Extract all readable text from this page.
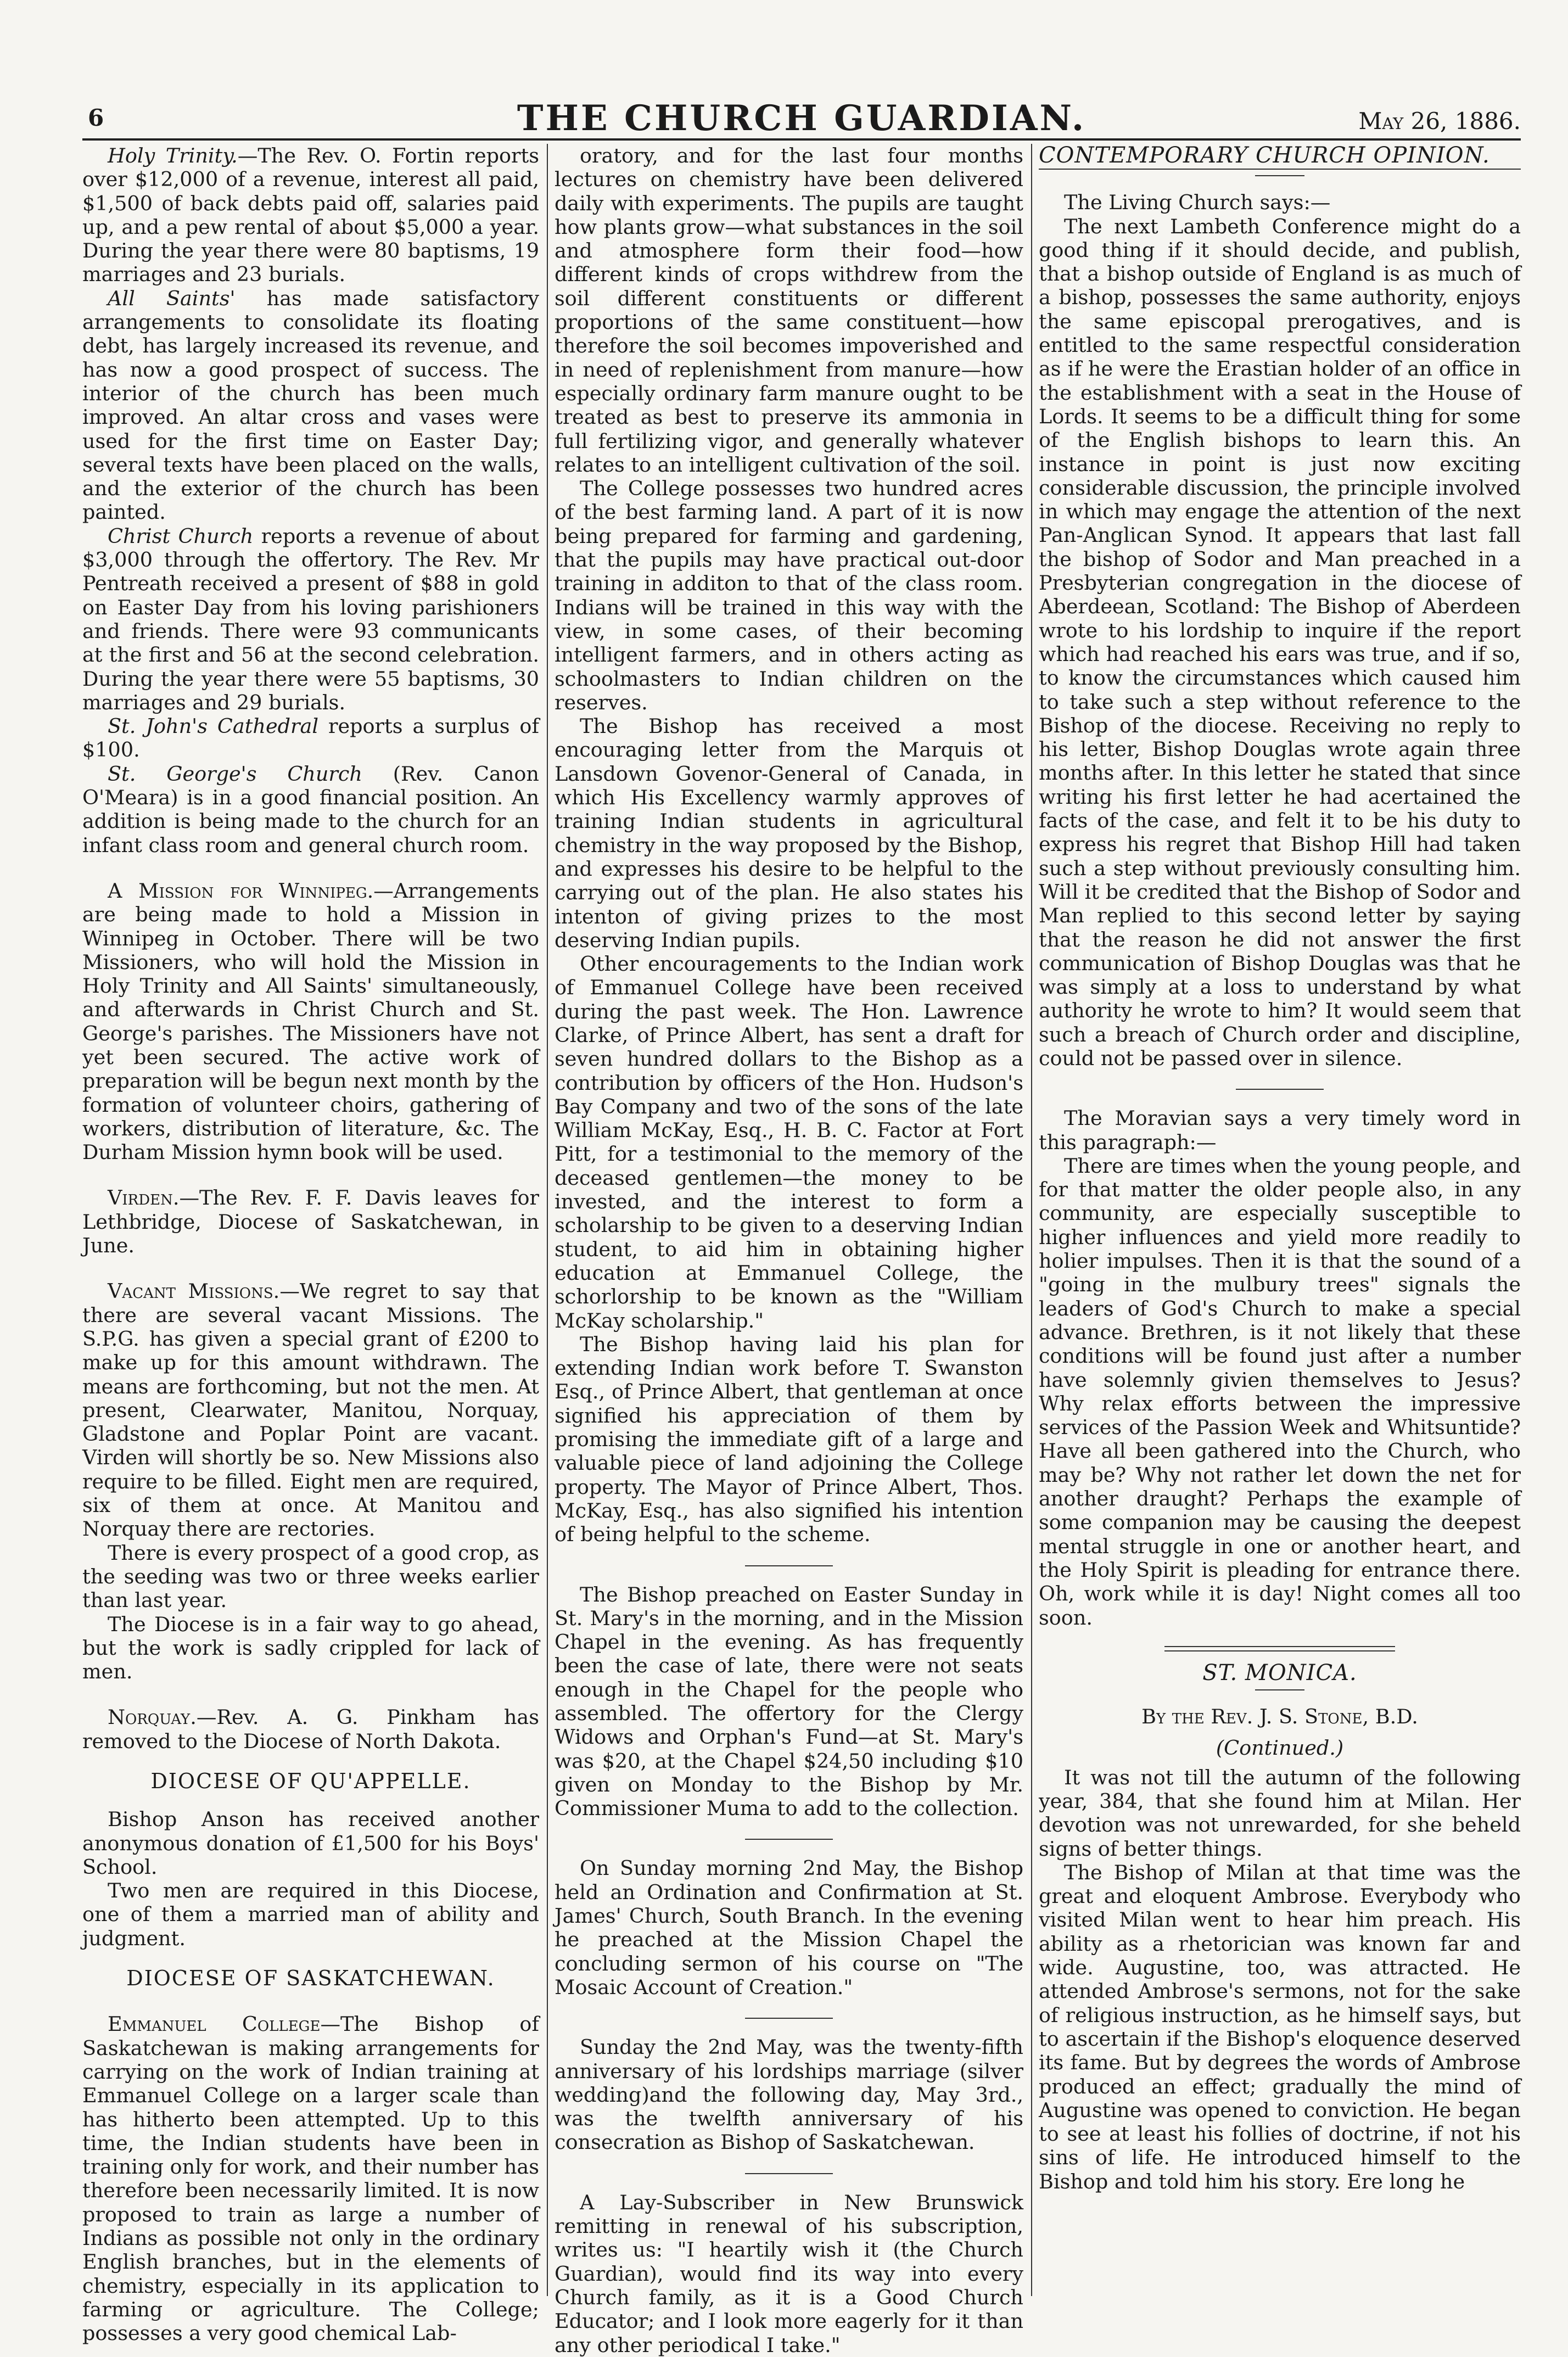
6	THE CHURCH GUARDIAN.	May 26, 1886.

Holy Trinity.—The Rev. O. Fortin reports over $12,000 of a revenue, interest all paid, $1,500 of back debts paid off, salaries paid up, and a pew rental of about $5,000 a year. During the year there were 80 baptisms, 19 marriages and 23 burials.

All Saints' has made satisfactory arrangements to consolidate its floating debt, has largely increased its revenue, and has now a good prospect of success. The interior of the church has been much improved. An altar cross and vases were used for the first time on Easter Day; several texts have been placed on the walls, and the exterior of the church has been painted.

Christ Church reports a revenue of about $3,000 through the offertory. The Rev. Mr Pentreath received a present of $88 in gold on Easter Day from his loving parishioners and friends. There were 93 communicants at the first and 56 at the second celebration. During the year there were 55 baptisms, 30 marriages and 29 burials.

St. John's Cathedral reports a surplus of $100.

St. George's Church (Rev. Canon O'Meara) is in a good financial position. An addition is being made to the church for an infant class room and general church room.

A Mission for Winnipeg.—Arrangements are being made to hold a Mission in Winnipeg in October. There will be two Missioners, who will hold the Mission in Holy Trinity and All Saints' simultaneously, and afterwards in Christ Church and St. George's parishes. The Missioners have not yet been secured. The active work of preparation will be begun next month by the formation of volunteer choirs, gathering of workers, distribution of literature, &c. The Durham Mission hymn book will be used.

Virden.—The Rev. F. F. Davis leaves for Lethbridge, Diocese of Saskatchewan, in June.

Vacant Missions.—We regret to say that there are several vacant Missions. The S.P.G. has given a special grant of £200 to make up for this amount withdrawn. The means are forthcoming, but not the men. At present, Clearwater, Manitou, Norquay, Gladstone and Poplar Point are vacant. Virden will shortly be so. New Missions also require to be filled. Eight men are required, six of them at once. At Manitou and Norquay there are rectories.

There is every prospect of a good crop, as the seeding was two or three weeks earlier than last year.

The Diocese is in a fair way to go ahead, but the work is sadly crippled for lack of men.

Norquay.—Rev. A. G. Pinkham has removed to the Diocese of North Dakota.

DIOCESE OF QU'APPELLE.

Bishop Anson has received another anonymous donation of £1,500 for his Boys' School.

Two men are required in this Diocese, one of them a married man of ability and judgment.

DIOCESE OF SASKATCHEWAN.

Emmanuel College—The Bishop of Saskatchewan is making arrangements for carrying on the work of Indian training at Emmanuel College on a larger scale than has hitherto been attempted. Up to this time, the Indian students have been in training only for work, and their number has therefore been necessarily limited. It is now proposed to train as large a number of Indians as possible not only in the ordinary English branches, but in the elements of chemistry, especially in its application to farming or agriculture. The College; possesses a very good chemical Lab-

oratory, and for the last four months lectures on chemistry have been delivered daily with experiments. The pupils are taught how plants grow—what substances in the soil and atmosphere form their food—how different kinds of crops withdrew from the soil different constituents or different proportions of the same constituent—how therefore the soil becomes impoverished and in need of replenishment from manure—how especially ordinary farm manure ought to be treated as best to preserve its ammonia in full fertilizing vigor, and generally whatever relates to an intelligent cultivation of the soil.

The College possesses two hundred acres of the best farming land. A part of it is now being prepared for farming and gardening, that the pupils may have practical out-door training in additon to that of the class room. Indians will be trained in this way with the view, in some cases, of their becoming intelligent farmers, and in others acting as schoolmasters to Indian children on the reserves.

The Bishop has received a most encouraging letter from the Marquis ot Lansdown Govenor-General of Canada, in which His Excellency warmly approves of training Indian students in agricultural chemistry in the way proposed by the Bishop, and expresses his desire to be helpful to the carrying out of the plan. He also states his intenton of giving prizes to the most deserving Indian pupils.

Other encouragements to the Indian work of Emmanuel College have been received during the past week. The Hon. Lawrence Clarke, of Prince Albert, has sent a draft for seven hundred dollars to the Bishop as a contribution by officers of the Hon. Hudson's Bay Company and two of the sons of the late William McKay, Esq., H. B. C. Factor at Fort Pitt, for a testimonial to the memory of the deceased gentlemen—the money to be invested, and the interest to form a scholarship to be given to a deserving Indian student, to aid him in obtaining higher education at Emmanuel College, the schorlorship to be known as the "William McKay scholarship."

The Bishop having laid his plan for extending Indian work before T. Swanston Esq., of Prince Albert, that gentleman at once signified his appreciation of them by promising the immediate gift of a large and valuable piece of land adjoining the College property. The Mayor of Prince Albert, Thos. McKay, Esq., has also signified his intention of being helpful to the scheme.

The Bishop preached on Easter Sunday in St. Mary's in the morning, and in the Mission Chapel in the evening. As has frequently been the case of late, there were not seats enough in the Chapel for the people who assembled. The offertory for the Clergy Widows and Orphan's Fund—at St. Mary's was $20, at the Chapel $24,50 including $10 given on Monday to the Bishop by Mr. Commissioner Muma to add to the collection.

On Sunday morning 2nd May, the Bishop held an Ordination and Confirmation at St. James' Church, South Branch. In the evening he preached at the Mission Chapel the concluding sermon of his course on "The Mosaic Account of Creation."

Sunday the 2nd May, was the twenty-fifth anniversary of his lordships marriage (silver wedding)and the following day, May 3rd., was the twelfth anniversary of his consecration as Bishop of Saskatchewan.

A Lay-Subscriber in New Brunswick remitting in renewal of his subscription, writes us: "I heartily wish it (the Church Guardian), would find its way into every Church family, as it is a Good Church Educator; and I look more eagerly for it than any other periodical I take."

CONTEMPORARY CHURCH OPINION.

The Living Church says:—

The next Lambeth Conference might do a good thing if it should decide, and publish, that a bishop outside of England is as much of a bishop, possesses the same authority, enjoys the same episcopal prerogatives, and is entitled to the same respectful consideration as if he were the Erastian holder of an office in the establishment with a seat in the House of Lords. It seems to be a difficult thing for some of the English bishops to learn this. An instance in point is just now exciting considerable discussion, the principle involved in which may engage the attention of the next Pan-Anglican Synod. It appears that last fall the bishop of Sodor and Man preached in a Presbyterian congregation in the diocese of Aberdeean, Scotland: The Bishop of Aberdeen wrote to his lordship to inquire if the report which had reached his ears was true, and if so, to know the circumstances which caused him to take such a step without reference to the Bishop of the diocese. Receiving no reply to his letter, Bishop Douglas wrote again three months after. In this letter he stated that since writing his first letter he had acertained the facts of the case, and felt it to be his duty to express his regret that Bishop Hill had taken such a step without previously consulting him. Will it be credited that the Bishop of Sodor and Man replied to this second letter by saying that the reason he did not answer the first communication of Bishop Douglas was that he was simply at a loss to understand by what authority he wrote to him? It would seem that such a breach of Church order and discipline, could not be passed over in silence.

The Moravian says a very timely word in this paragraph:—

There are times when the young people, and for that matter the older people also, in any community, are especially susceptible to higher influences and yield more readily to holier impulses. Then it is that the sound of a "going in the mulbury trees" signals the leaders of God's Church to make a special advance. Brethren, is it not likely that these conditions will be found just after a number have solemnly givien themselves to Jesus? Why relax efforts between the impressive services of the Passion Week and Whitsuntide? Have all been gathered into the Church, who may be? Why not rather let down the net for another draught? Perhaps the example of some companion may be causing the deepest mental struggle in one or another heart, and the Holy Spirit is pleading for entrance there. Oh, work while it is day! Night comes all too soon.

ST. MONICA.
By the Rev. J. S. Stone, B.D.
(Continued.)

It was not till the autumn of the following year, 384, that she found him at Milan. Her devotion was not unrewarded, for she beheld signs of better things.

The Bishop of Milan at that time was the great and eloquent Ambrose. Everybody who visited Milan went to hear him preach. His ability as a rhetorician was known far and wide. Augustine, too, was attracted. He attended Ambrose's sermons, not for the sake of religious instruction, as he himself says, but to ascertain if the Bishop's eloquence deserved its fame. But by degrees the words of Ambrose produced an effect; gradually the mind of Augustine was opened to conviction. He began to see at least his follies of doctrine, if not his sins of life. He introduced himself to the Bishop and told him his story. Ere long he
